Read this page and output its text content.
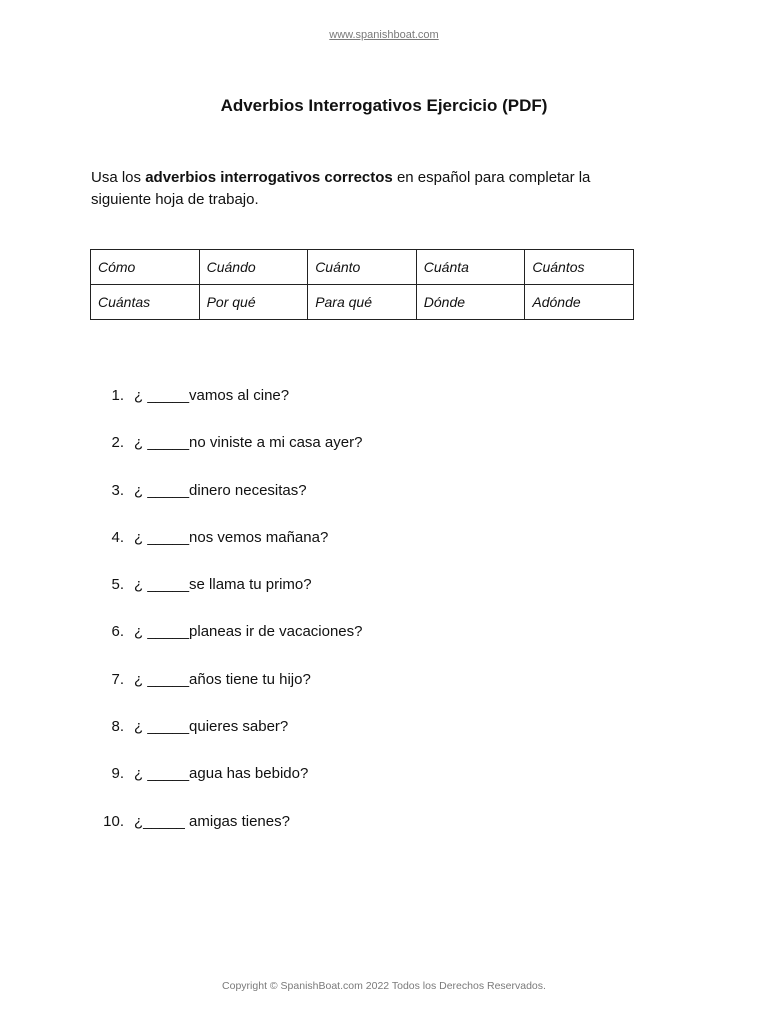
www.spanishboat.com
Adverbios Interrogativos Ejercicio (PDF)
Usa los adverbios interrogativos correctos en español para completar la siguiente hoja de trabajo.
Cómo	Cuándo	Cuánto	Cuánta	Cuántos
Cuántas	Por qué	Para qué	Dónde	Adónde
1. ¿ _____vamos al cine?
2. ¿ _____no viniste a mi casa ayer?
3. ¿ _____dinero necesitas?
4. ¿ _____nos vemos mañana?
5. ¿ _____se llama tu primo?
6. ¿ _____planeas ir de vacaciones?
7. ¿ _____años tiene tu hijo?
8. ¿ _____quieres saber?
9. ¿ _____agua has bebido?
10. ¿_____ amigas tienes?
Copyright © SpanishBoat.com 2022 Todos los Derechos Reservados.
